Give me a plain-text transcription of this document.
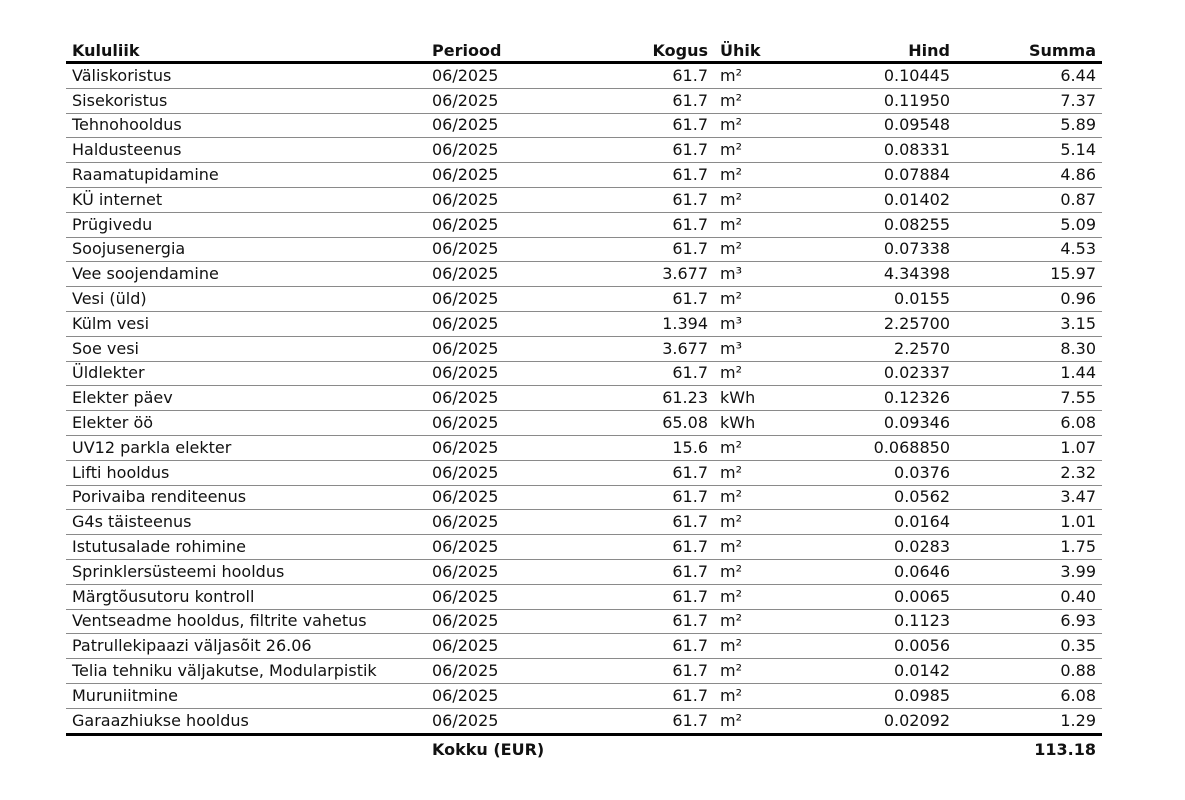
Kululiik	Periood	Kogus	Ühik	Hind	Summa
Väliskoristus	06/2025	61.7	m²	0.10445	6.44
Sisekoristus	06/2025	61.7	m²	0.11950	7.37
Tehnohooldus	06/2025	61.7	m²	0.09548	5.89
Haldusteenus	06/2025	61.7	m²	0.08331	5.14
Raamatupidamine	06/2025	61.7	m²	0.07884	4.86
KÜ internet	06/2025	61.7	m²	0.01402	0.87
Prügivedu	06/2025	61.7	m²	0.08255	5.09
Soojusenergia	06/2025	61.7	m²	0.07338	4.53
Vee soojendamine	06/2025	3.677	m³	4.34398	15.97
Vesi (üld)	06/2025	61.7	m²	0.0155	0.96
Külm vesi	06/2025	1.394	m³	2.25700	3.15
Soe vesi	06/2025	3.677	m³	2.2570	8.30
Üldlekter	06/2025	61.7	m²	0.02337	1.44
Elekter päev	06/2025	61.23	kWh	0.12326	7.55
Elekter öö	06/2025	65.08	kWh	0.09346	6.08
UV12 parkla elekter	06/2025	15.6	m²	0.068850	1.07
Lifti hooldus	06/2025	61.7	m²	0.0376	2.32
Porivaiba renditeenus	06/2025	61.7	m²	0.0562	3.47
G4s täisteenus	06/2025	61.7	m²	0.0164	1.01
Istutusalade rohimine	06/2025	61.7	m²	0.0283	1.75
Sprinklersüsteemi hooldus	06/2025	61.7	m²	0.0646	3.99
Märgtõusutoru kontroll	06/2025	61.7	m²	0.0065	0.40
Ventseadme hooldus, filtrite vahetus	06/2025	61.7	m²	0.1123	6.93
Patrullekipaazi väljasõit 26.06	06/2025	61.7	m²	0.0056	0.35
Telia tehniku väljakutse, Modularpistik	06/2025	61.7	m²	0.0142	0.88
Muruniitmine	06/2025	61.7	m²	0.0985	6.08
Garaazhiukse hooldus	06/2025	61.7	m²	0.02092	1.29
	Kokku (EUR)				113.18
